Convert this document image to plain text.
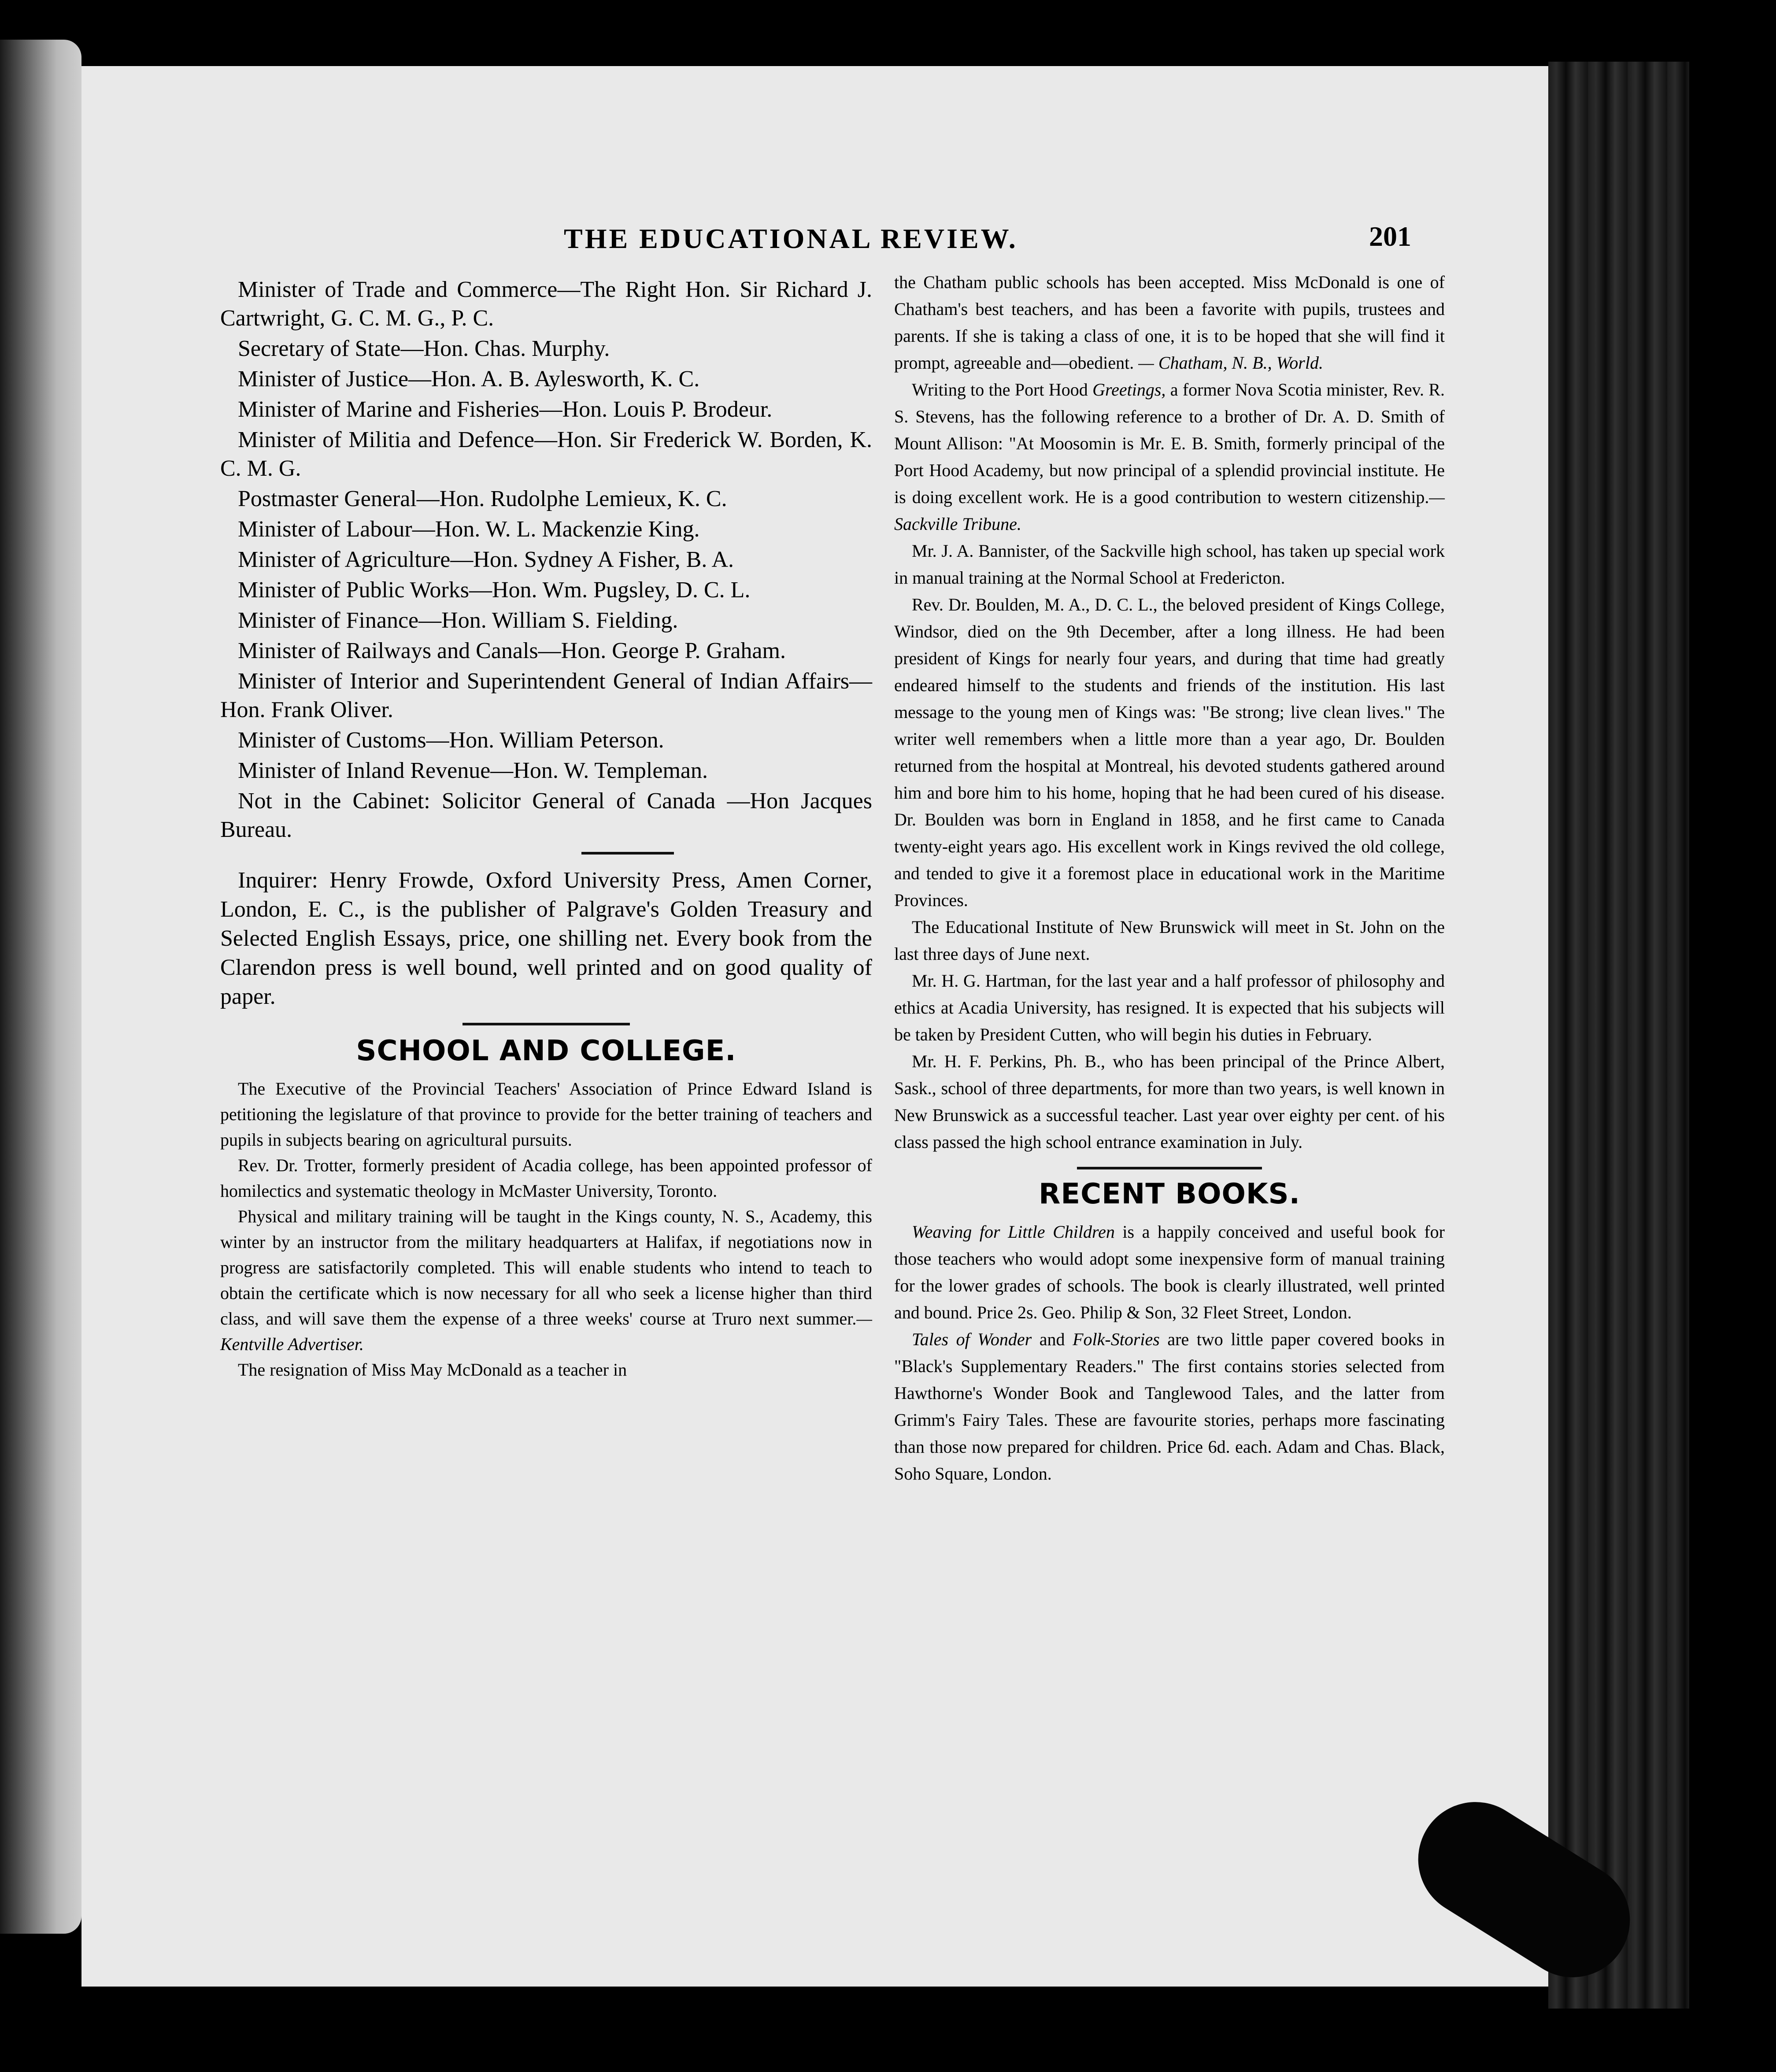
THE EDUCATIONAL REVIEW.	201

Minister of Trade and Commerce—The Right Hon. Sir Richard J. Cartwright, G. C. M. G., P. C.

Secretary of State—Hon. Chas. Murphy.

Minister of Justice—Hon. A. B. Aylesworth, K. C.

Minister of Marine and Fisheries—Hon. Louis P. Brodeur.

Minister of Militia and Defence—Hon. Sir Frederick W. Borden, K. C. M. G.

Postmaster General—Hon. Rudolphe Lemieux, K. C.

Minister of Labour—Hon. W. L. Mackenzie King.

Minister of Agriculture—Hon. Sydney A Fisher, B. A.

Minister of Public Works—Hon. Wm. Pugsley, D. C. L.

Minister of Finance—Hon. William S. Fielding.

Minister of Railways and Canals—Hon. George P. Graham.

Minister of Interior and Superintendent General of Indian Affairs—Hon. Frank Oliver.

Minister of Customs—Hon. William Peterson.

Minister of Inland Revenue—Hon. W. Templeman.

Not in the Cabinet: Solicitor General of Canada —Hon Jacques Bureau.

Inquirer: Henry Frowde, Oxford University Press, Amen Corner, London, E. C., is the publisher of Palgrave's Golden Treasury and Selected English Essays, price, one shilling net. Every book from the Clarendon press is well bound, well printed and on good quality of paper.

SCHOOL AND COLLEGE.

The Executive of the Provincial Teachers' Association of Prince Edward Island is petitioning the legislature of that province to provide for the better training of teachers and pupils in subjects bearing on agricultural pursuits.

Rev. Dr. Trotter, formerly president of Acadia college, has been appointed professor of homilectics and systematic theology in McMaster University, Toronto.

Physical and military training will be taught in the Kings county, N. S., Academy, this winter by an instructor from the military headquarters at Halifax, if negotiations now in progress are satisfactorily completed. This will enable students who intend to teach to obtain the certificate which is now necessary for all who seek a license higher than third class, and will save them the expense of a three weeks' course at Truro next summer.—Kentville Advertiser.

The resignation of Miss May McDonald as a teacher in

the Chatham public schools has been accepted. Miss McDonald is one of Chatham's best teachers, and has been a favorite with pupils, trustees and parents. If she is taking a class of one, it is to be hoped that she will find it prompt, agreeable and—obedient. — Chatham, N. B., World.

Writing to the Port Hood Greetings, a former Nova Scotia minister, Rev. R. S. Stevens, has the following reference to a brother of Dr. A. D. Smith of Mount Allison: "At Moosomin is Mr. E. B. Smith, formerly principal of the Port Hood Academy, but now principal of a splendid provincial institute. He is doing excellent work. He is a good contribution to western citizenship.—Sackville Tribune.

Mr. J. A. Bannister, of the Sackville high school, has taken up special work in manual training at the Normal School at Fredericton.

Rev. Dr. Boulden, M. A., D. C. L., the beloved president of Kings College, Windsor, died on the 9th December, after a long illness. He had been president of Kings for nearly four years, and during that time had greatly endeared himself to the students and friends of the institution. His last message to the young men of Kings was: "Be strong; live clean lives." The writer well remembers when a little more than a year ago, Dr. Boulden returned from the hospital at Montreal, his devoted students gathered around him and bore him to his home, hoping that he had been cured of his disease. Dr. Boulden was born in England in 1858, and he first came to Canada twenty-eight years ago. His excellent work in Kings revived the old college, and tended to give it a foremost place in educational work in the Maritime Provinces.

The Educational Institute of New Brunswick will meet in St. John on the last three days of June next.

Mr. H. G. Hartman, for the last year and a half professor of philosophy and ethics at Acadia University, has resigned. It is expected that his subjects will be taken by President Cutten, who will begin his duties in February.

Mr. H. F. Perkins, Ph. B., who has been principal of the Prince Albert, Sask., school of three departments, for more than two years, is well known in New Brunswick as a successful teacher. Last year over eighty per cent. of his class passed the high school entrance examination in July.

RECENT BOOKS.

Weaving for Little Children is a happily conceived and useful book for those teachers who would adopt some inexpensive form of manual training for the lower grades of schools. The book is clearly illustrated, well printed and bound. Price 2s. Geo. Philip & Son, 32 Fleet Street, London.

Tales of Wonder and Folk-Stories are two little paper covered books in "Black's Supplementary Readers." The first contains stories selected from Hawthorne's Wonder Book and Tanglewood Tales, and the latter from Grimm's Fairy Tales. These are favourite stories, perhaps more fascinating than those now prepared for children. Price 6d. each. Adam and Chas. Black, Soho Square, London.
